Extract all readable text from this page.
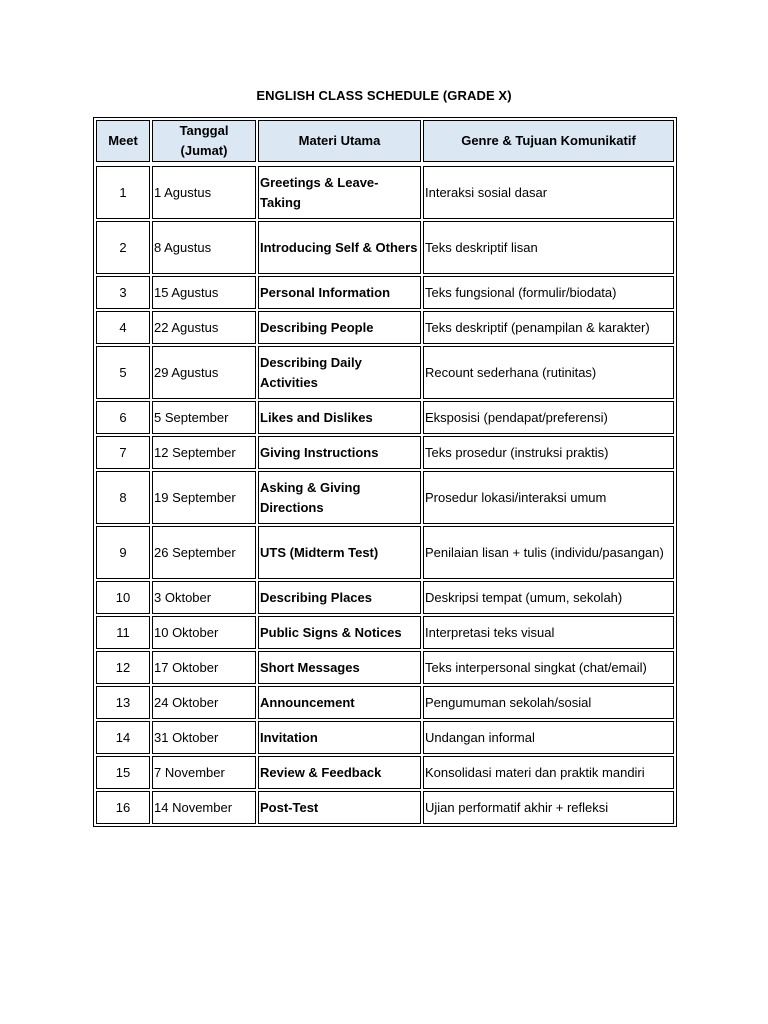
ENGLISH CLASS SCHEDULE (GRADE X)
Meet	Tanggal (Jumat)	Materi Utama	Genre & Tujuan Komunikatif

1	1 Agustus	Greetings & Leave-Taking	Interaksi sosial dasar
2	8 Agustus	Introducing Self & Others	Teks deskriptif lisan
3	15 Agustus	Personal Information	Teks fungsional (formulir/biodata)
4	22 Agustus	Describing People	Teks deskriptif (penampilan & karakter)
5	29 Agustus	Describing Daily Activities	Recount sederhana (rutinitas)
6	5 September	Likes and Dislikes	Eksposisi (pendapat/preferensi)
7	12 September	Giving Instructions	Teks prosedur (instruksi praktis)
8	19 September	Asking & Giving Directions	Prosedur lokasi/interaksi umum
9	26 September	UTS (Midterm Test)	Penilaian lisan + tulis (individu/pasangan)
10	3 Oktober	Describing Places	Deskripsi tempat (umum, sekolah)
11	10 Oktober	Public Signs & Notices	Interpretasi teks visual
12	17 Oktober	Short Messages	Teks interpersonal singkat (chat/email)
13	24 Oktober	Announcement	Pengumuman sekolah/sosial
14	31 Oktober	Invitation	Undangan informal
15	7 November	Review & Feedback	Konsolidasi materi dan praktik mandiri
16	14 November	Post-Test	Ujian performatif akhir + refleksi
